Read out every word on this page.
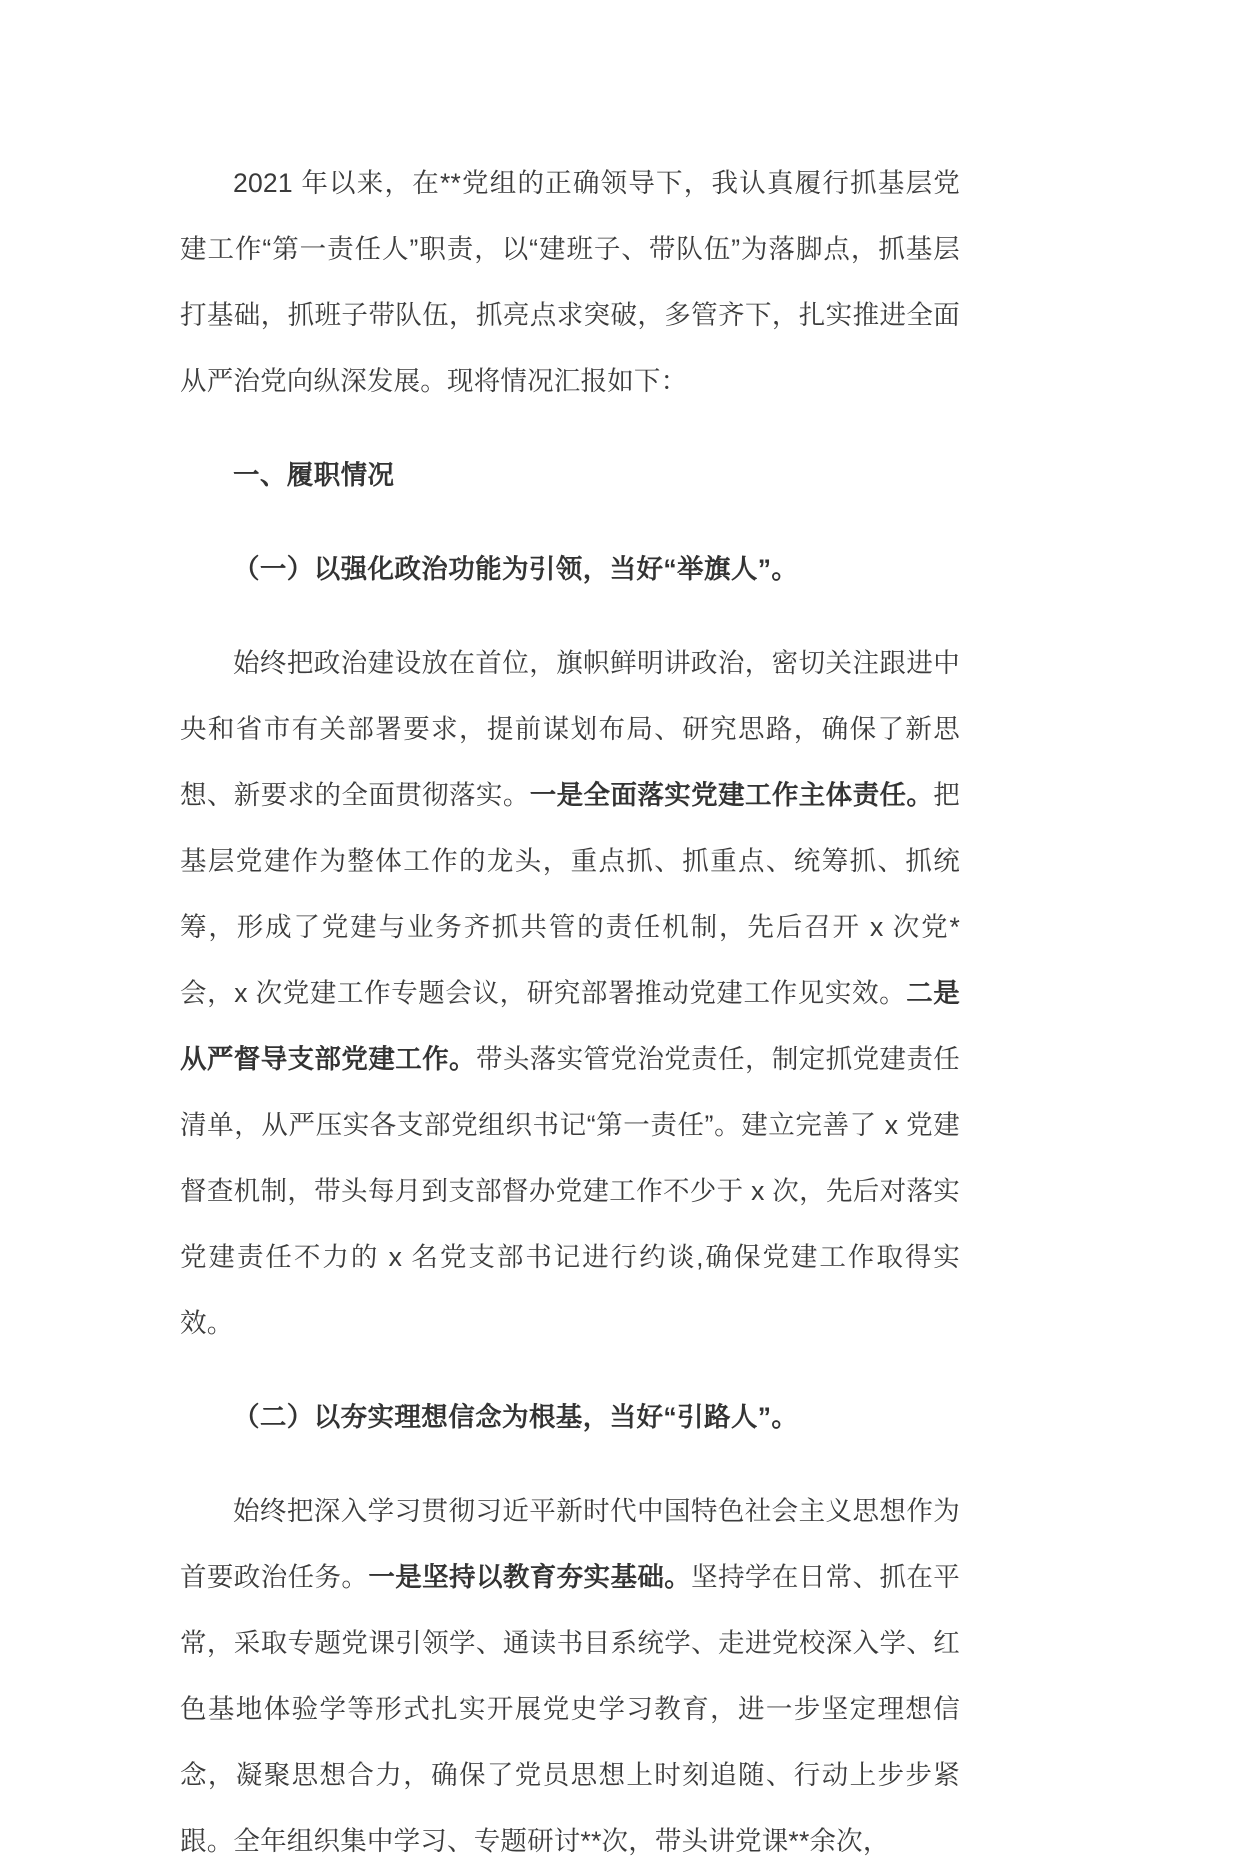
2021 年以来，在**党组的正确领导下，我认真履行抓基层党建工作“第一责任人”职责，以“建班子、带队伍”为落脚点，抓基层打基础，抓班子带队伍，抓亮点求突破，多管齐下，扎实推进全面从严治党向纵深发展。现将情况汇报如下：

一、履职情况

（一）以强化政治功能为引领，当好“举旗人”。

始终把政治建设放在首位，旗帜鲜明讲政治，密切关注跟进中央和省市有关部署要求，提前谋划布局、研究思路，确保了新思想、新要求的全面贯彻落实。一是全面落实党建工作主体责任。把基层党建作为整体工作的龙头，重点抓、抓重点、统筹抓、抓统筹，形成了党建与业务齐抓共管的责任机制，先后召开 x 次党*会，x 次党建工作专题会议，研究部署推动党建工作见实效。二是从严督导支部党建工作。带头落实管党治党责任，制定抓党建责任清单，从严压实各支部党组织书记“第一责任”。建立完善了 x 党建督查机制，带头每月到支部督办党建工作不少于 x 次，先后对落实党建责任不力的 x 名党支部书记进行约谈,确保党建工作取得实效。

（二）以夯实理想信念为根基，当好“引路人”。

始终把深入学习贯彻习近平新时代中国特色社会主义思想作为首要政治任务。一是坚持以教育夯实基础。坚持学在日常、抓在平常，采取专题党课引领学、通读书目系统学、走进党校深入学、红色基地体验学等形式扎实开展党史学习教育，进一步坚定理想信念，凝聚思想合力，确保了党员思想上时刻追随、行动上步步紧跟。全年组织集中学习、专题研讨**次，带头讲党课**余次，
